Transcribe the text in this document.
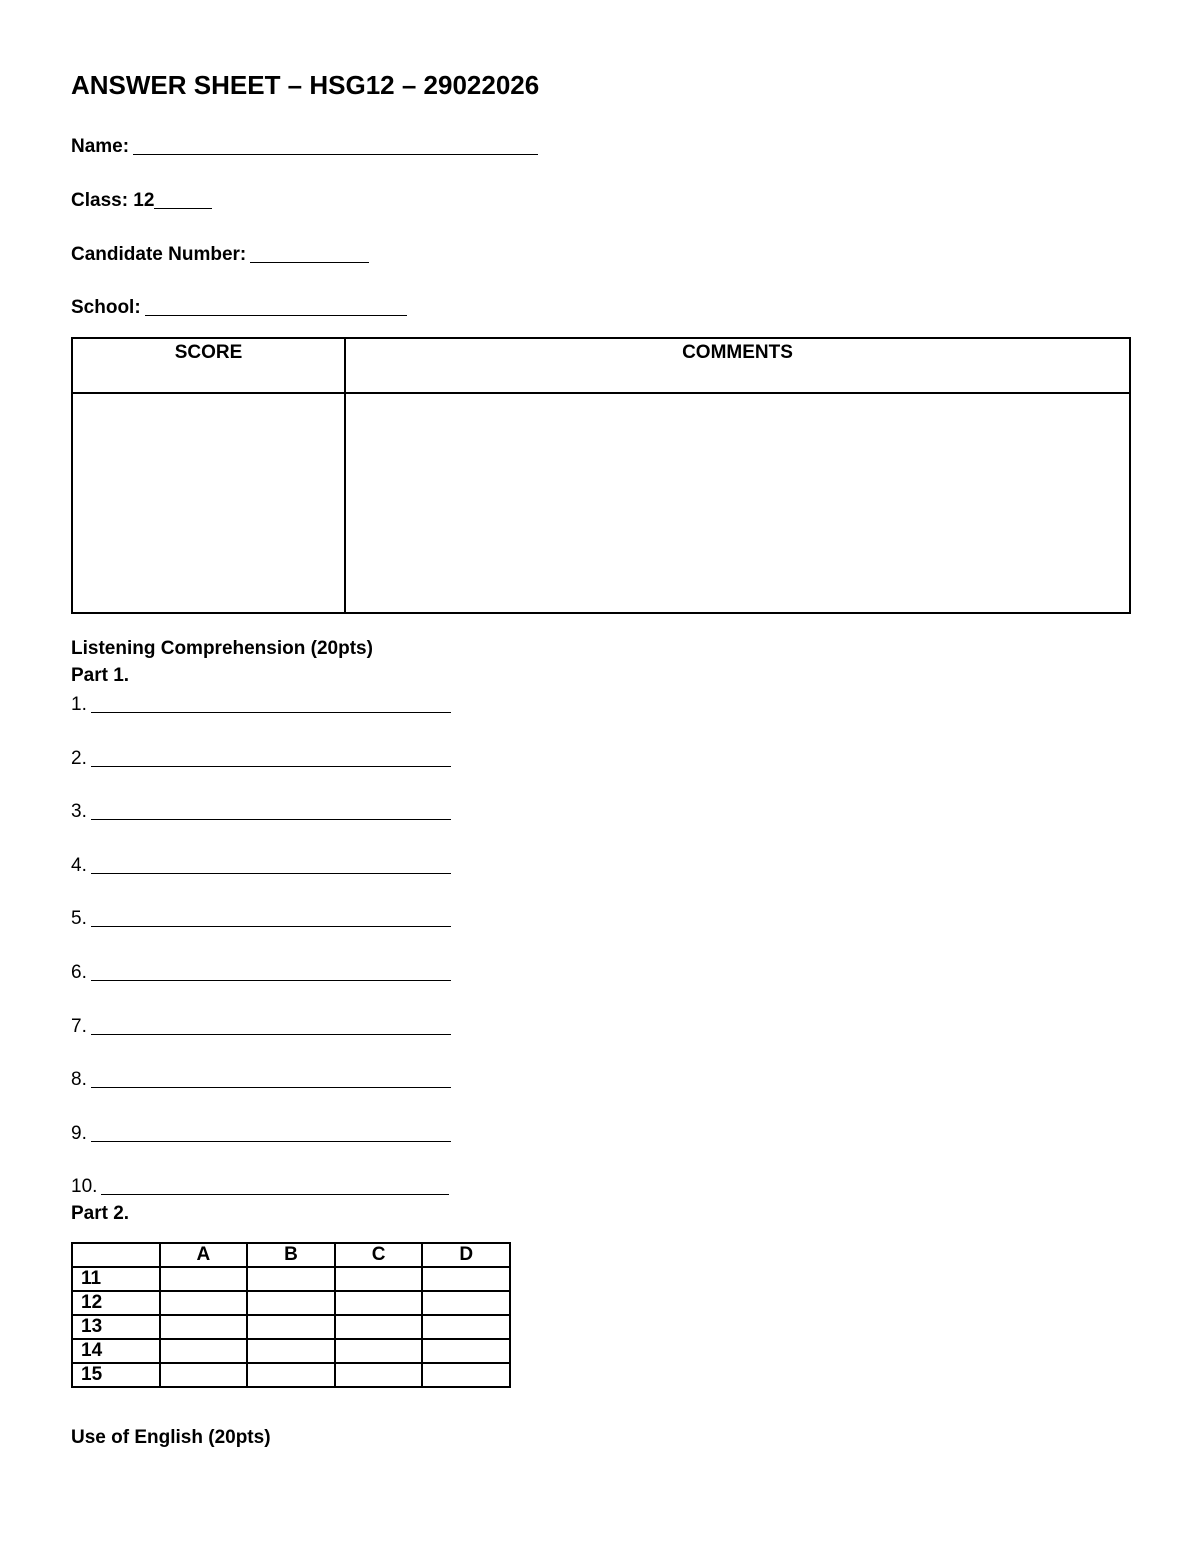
ANSWER SHEET – HSG12 – 29022026
Name:
Class: 12
Candidate Number:
School:
SCORE	COMMENTS

Listening Comprehension (20pts)
Part 1.
1.
2.
3.
4.
5.
6.
7.
8.
9.
10.
Part 2.
	A	B	C	D
11				
12				
13				
14				
15				
Use of English (20pts)
